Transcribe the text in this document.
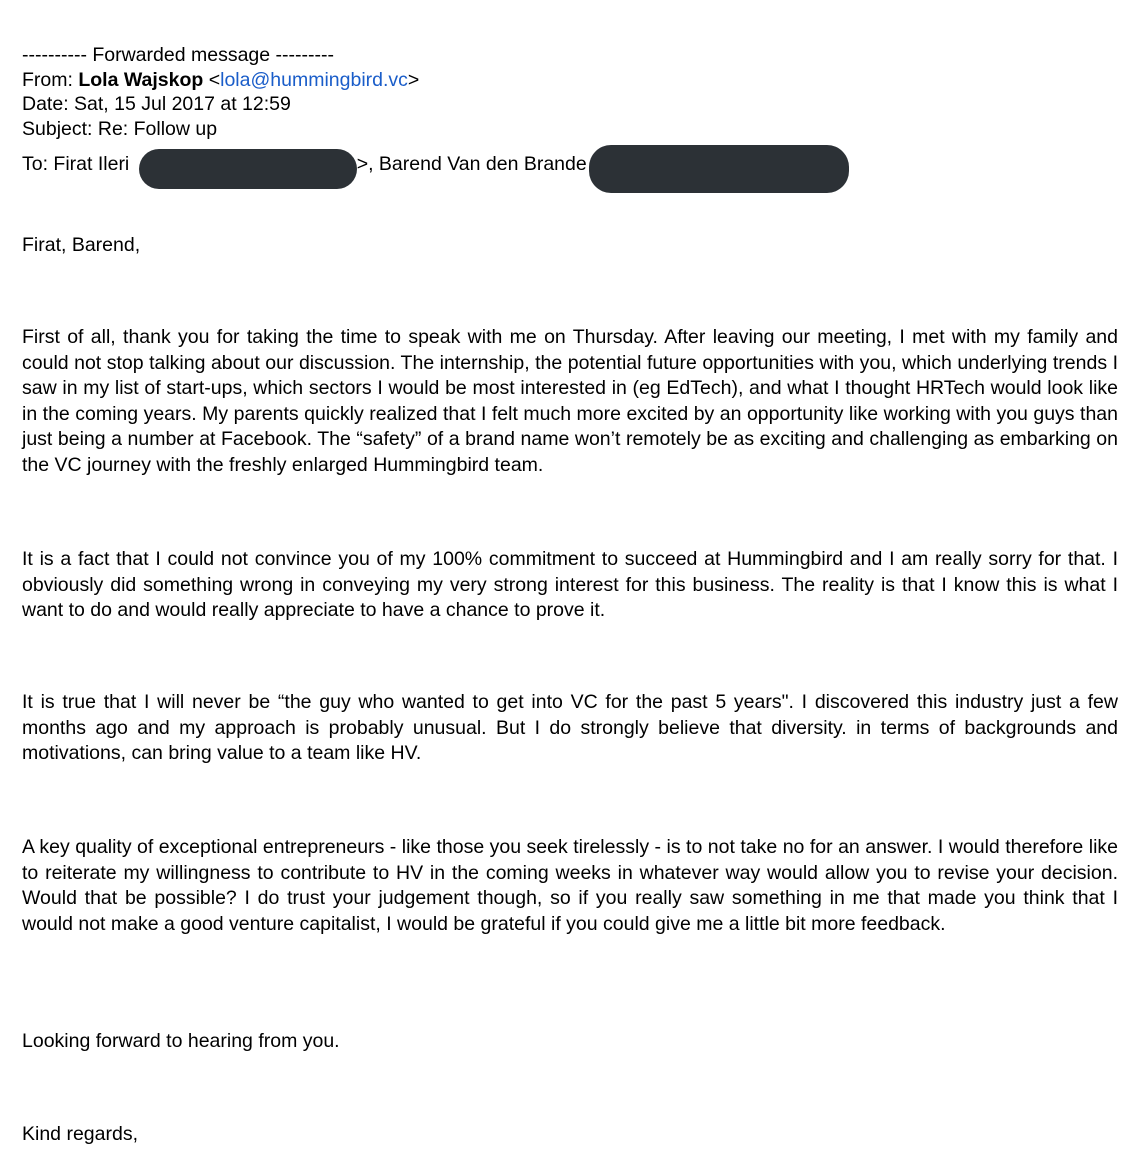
---------- Forwarded message ---------
From: Lola Wajskop <lola@hummingbird.vc>
Date: Sat, 15 Jul 2017 at 12:59
Subject: Re: Follow up
To: Firat Ileri	>, Barend Van den Brande

Firat, Barend,

First of all, thank you for taking the time to speak with me on Thursday. After leaving our meeting, I met with my family and could not stop talking about our discussion. The internship, the potential future opportunities with you, which underlying trends I saw in my list of start-ups, which sectors I would be most interested in (eg EdTech), and what I thought HRTech would look like in the coming years. My parents quickly realized that I felt much more excited by an opportunity like working with you guys than just being a number at Facebook. The “safety” of a brand name won’t remotely be as exciting and challenging as embarking on the VC journey with the freshly enlarged Hummingbird team.

It is a fact that I could not convince you of my 100% commitment to succeed at Hummingbird and I am really sorry for that. I obviously did something wrong in conveying my very strong interest for this business. The reality is that I know this is what I want to do and would really appreciate to have a chance to prove it.

It is true that I will never be “the guy who wanted to get into VC for the past 5 years". I discovered this industry just a few months ago and my approach is probably unusual. But I do strongly believe that diversity. in terms of backgrounds and motivations, can bring value to a team like HV.

A key quality of exceptional entrepreneurs - like those you seek tirelessly - is to not take no for an answer. I would therefore like to reiterate my willingness to contribute to HV in the coming weeks in whatever way would allow you to revise your decision. Would that be possible? I do trust your judgement though, so if you really saw something in me that made you think that I would not make a good venture capitalist, I would be grateful if you could give me a little bit more feedback.

Looking forward to hearing from you.

Kind regards,
